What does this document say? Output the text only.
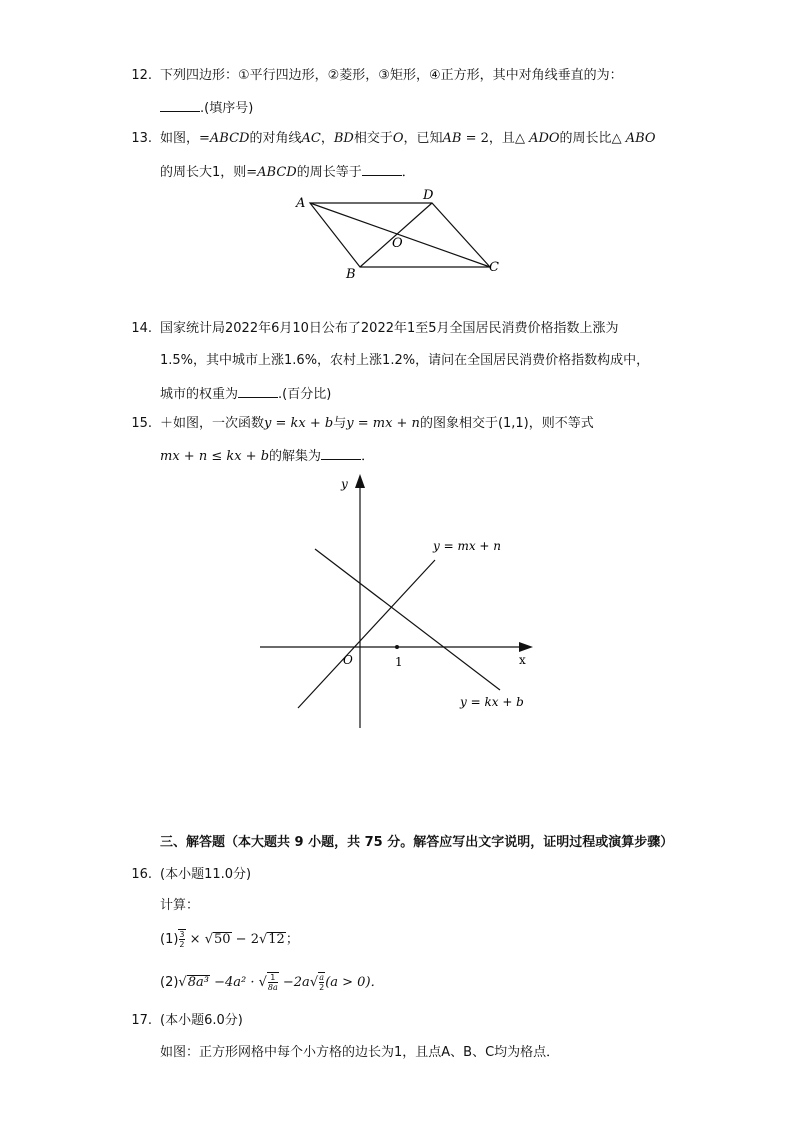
12. 下列四边形：①平行四边形，②菱形，③矩形，④正方形，其中对角线垂直的为：
.(填序号)
13. 如图，=ABCD的对角线AC，BD相交于O，已知AB = 2，且△ ADO的周长比△ ABO
的周长大1，则=ABCD的周长等于	．
A
D
B	C
O
14. 国家统计局2022年6月10日公布了2022年1至5月全国居民消费价格指数上涨为
1.5%，其中城市上涨1.6%，农村上涨1.2%，请问在全国居民消费价格指数构成中，
城市的权重为	.(百分比)
15. ＋如图，一次函数y = kx + b与y = mx + n的图象相交于(1,1)，则不等式
mx + n ≤ kx + b的解集为	．
y
x
O	1
y = mx + n
y = kx + b
三、解答题（本大题共 9 小题，共 75 分。解答应写出文字说明，证明过程或演算步骤）
16. (本小题11.0分)
计算：
$(1) \frac{3}{2} \times √50 - 2√12$；
(2)√8a³ −4a² · √ $\frac{1}{8a} -2a√ \frac{a}{2} (a > 0)$．
17. (本小题6.0分)
如图：正方形网格中每个小方格的边长为1，且点A、B、C均为格点．
